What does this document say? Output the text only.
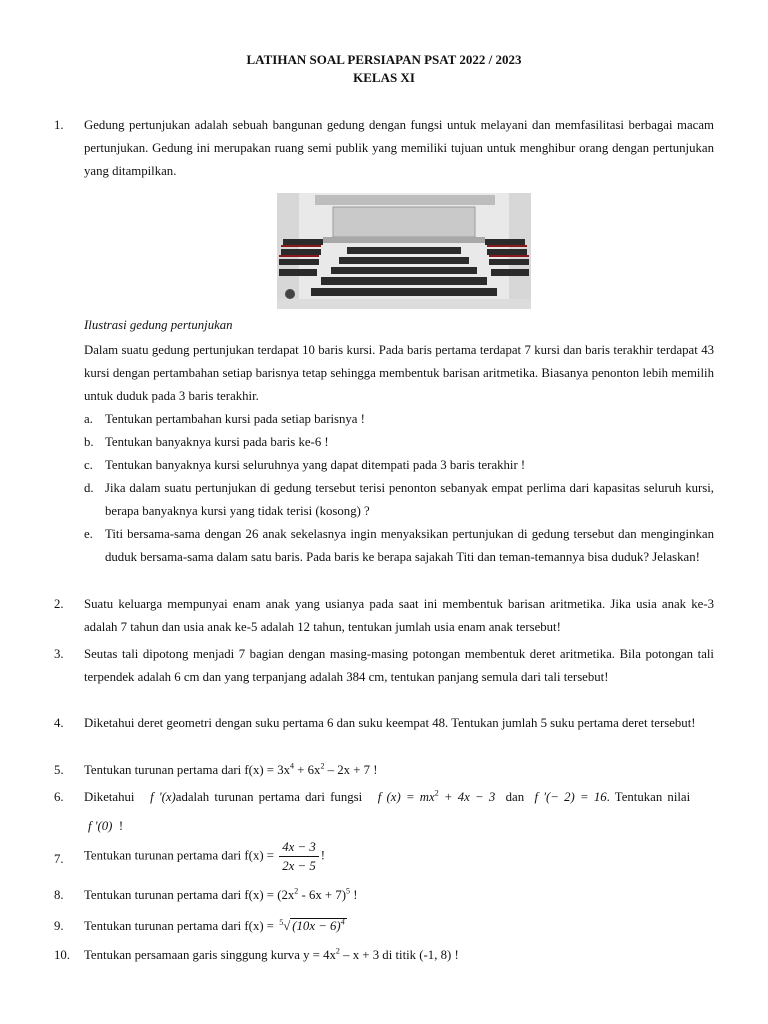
LATIHAN SOAL PERSIAPAN PSAT 2022 / 2023
KELAS XI
1.	Gedung pertunjukan adalah sebuah bangunan gedung dengan fungsi untuk melayani dan memfasilitasi berbagai macam pertunjukan. Gedung ini merupakan ruang semi publik yang memiliki tujuan untuk menghibur orang dengan pertunjukan yang ditampilkan.
Ilustrasi gedung pertunjukan
Dalam suatu gedung pertunjukan terdapat 10 baris kursi. Pada baris pertama terdapat 7 kursi dan baris terakhir terdapat 43 kursi dengan pertambahan setiap barisnya tetap sehingga membentuk barisan aritmetika. Biasanya penonton lebih memilih untuk duduk pada 3 baris terakhir.
a. Tentukan pertambahan kursi pada setiap barisnya !
b. Tentukan banyaknya kursi pada baris ke-6 !
c. Tentukan banyaknya kursi seluruhnya yang dapat ditempati pada 3 baris terakhir !
d. Jika dalam suatu pertunjukan di gedung tersebut terisi penonton sebanyak empat perlima dari kapasitas seluruh kursi, berapa banyaknya kursi yang tidak terisi (kosong) ?
e. Titi bersama-sama dengan 26 anak sekelasnya ingin menyaksikan pertunjukan di gedung tersebut dan menginginkan duduk bersama-sama dalam satu baris. Pada baris ke berapa sajakah Titi dan teman-temannya bisa duduk? Jelaskan!
2.	Suatu keluarga mempunyai enam anak yang usianya pada saat ini membentuk barisan aritmetika. Jika usia anak ke-3 adalah 7 tahun dan usia anak ke-5 adalah 12 tahun, tentukan jumlah usia enam anak tersebut!
3.	Seutas tali dipotong menjadi 7 bagian dengan masing-masing potongan membentuk deret aritmetika. Bila potongan tali terpendek adalah 6 cm dan yang terpanjang adalah 384 cm, tentukan panjang semula dari tali tersebut!
4.	Diketahui deret geometri dengan suku pertama 6 dan suku keempat 48. Tentukan jumlah 5 suku pertama deret tersebut!
5.	Tentukan turunan pertama dari $f(x) = 3x^4 + 6x^2 - 2x + 7$ !
6.	Diketahui f '(x)adalah turunan pertama dari fungsi f $(x) = mx^2 + 4x - 3$ dan f '(− 2) = 16. Tentukan nilai
f '(0) !
7.	Tentukan turunan pertama dari $f(x) = \frac{4x - 3}{2x - 5}$ !
8.	Tentukan turunan pertama dari $f(x) = (2x^2 - 6x + 7)^5$ !
9.	Tentukan turunan pertama dari f(x) = $^5$√ $(10x - 6)^4$
10.	Tentukan persamaan garis singgung kurva $y = 4x^2 - x + 3$ di titik (-1, 8) !
